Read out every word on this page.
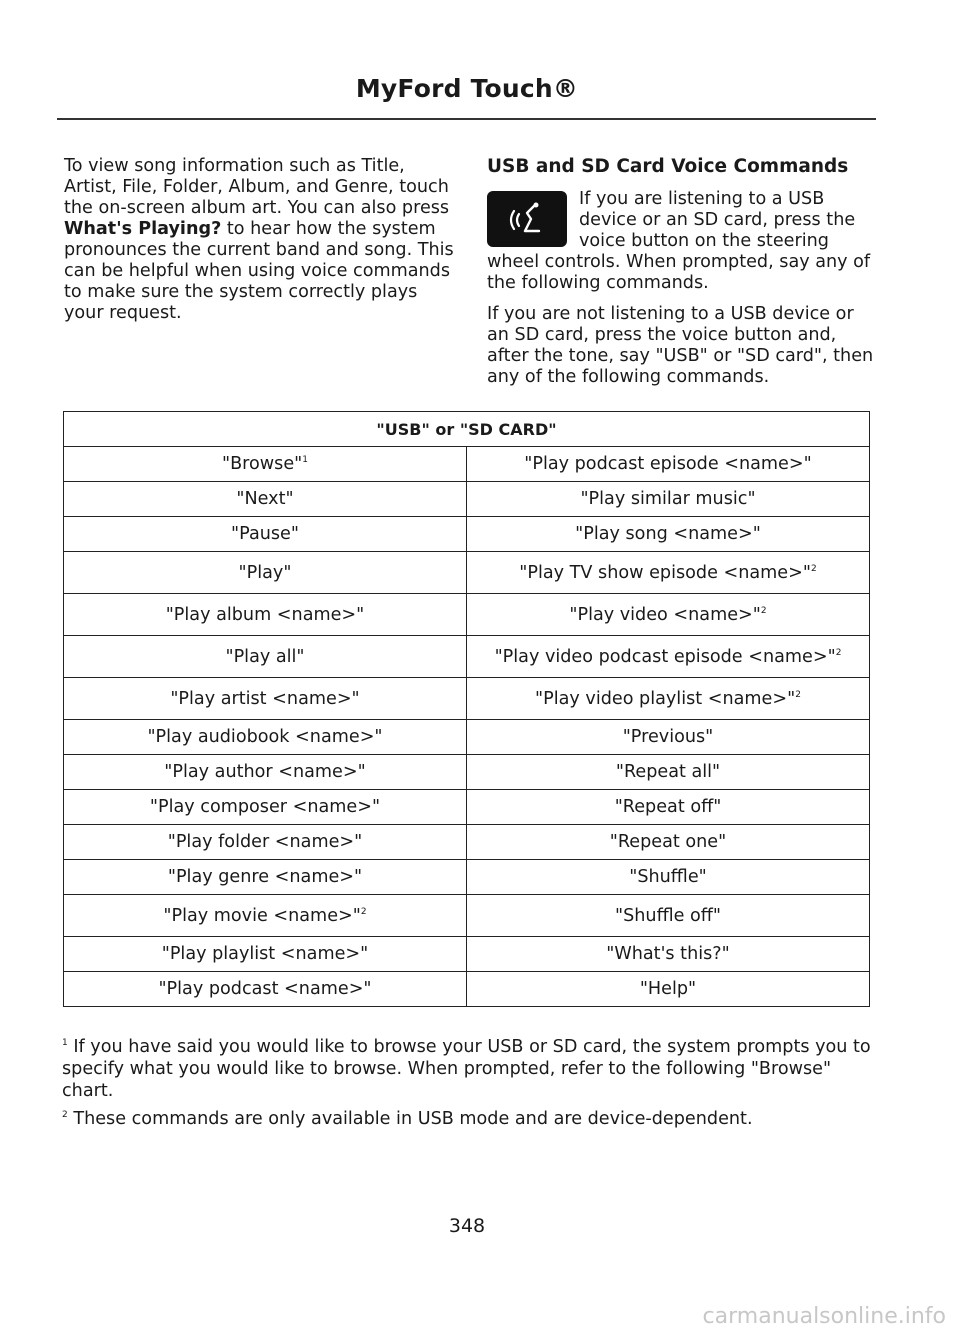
MyFord Touch®
To view song information such as Title, Artist, File, Folder, Album, and Genre, touch the on-screen album art. You can also press What's Playing? to hear how the system pronounces the current band and song. This can be helpful when using voice commands to make sure the system correctly plays your request.
USB and SD Card Voice Commands

If you are listening to a USB device or an SD card, press the voice button on the steering wheel controls. When prompted, say any of the following commands.

If you are not listening to a USB device or an SD card, press the voice button and, after the tone, say "USB" or "SD card", then any of the following commands.

"USB" or "SD CARD"	
"Browse"$^1$	"Play podcast episode <name>"
"Next"	"Play similar music"
"Pause"	"Play song <name>"
"Play"	"Play TV show episode <name>"$^2$
"Play album <name>"	"Play video <name>"$^2$
"Play all"	"Play video podcast episode <name>"$^2$
"Play artist <name>"	"Play video playlist <name>"$^2$
"Play audiobook <name>"	"Previous"
"Play author <name>"	"Repeat all"
"Play composer <name>"	"Repeat off"
"Play folder <name>"	"Repeat one"
"Play genre <name>"	"Shuffle"
"Play movie <name>"$^2$	"Shuffle off"
"Play playlist <name>"	"What's this?"
"Play podcast <name>"	"Help"

$^1$ If you have said you would like to browse your USB or SD card, the system prompts you to specify what you would like to browse. When prompted, refer to the following "Browse" chart.

$^2$ These commands are only available in USB mode and are device-dependent.

348
carmanualsonline.info
